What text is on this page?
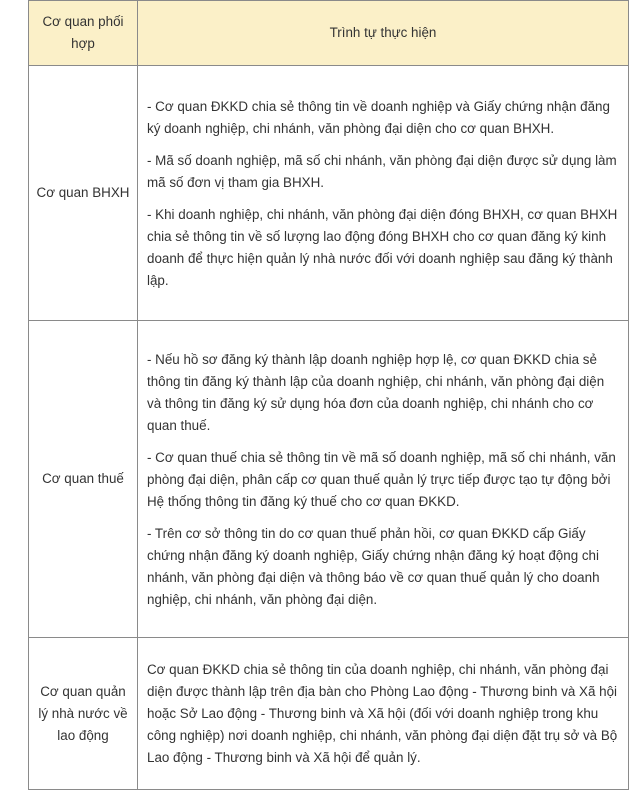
Cơ quan phối hợp	Trình tự thực hiện
Cơ quan BHXH	- Cơ quan ĐKKD chia sẻ thông tin về doanh nghiệp và Giấy chứng nhận đăng ký doanh nghiệp, chi nhánh, văn phòng đại diện cho cơ quan BHXH.

- Mã số doanh nghiệp, mã số chi nhánh, văn phòng đại diện được sử dụng làm mã số đơn vị tham gia BHXH.

- Khi doanh nghiệp, chi nhánh, văn phòng đại diện đóng BHXH, cơ quan BHXH chia sẻ thông tin về số lượng lao động đóng BHXH cho cơ quan đăng ký kinh doanh để thực hiện quản lý nhà nước đối với doanh nghiệp sau đăng ký thành lập.

Cơ quan thuế	- Nếu hồ sơ đăng ký thành lập doanh nghiệp hợp lệ, cơ quan ĐKKD chia sẻ thông tin đăng ký thành lập của doanh nghiệp, chi nhánh, văn phòng đại diện và thông tin đăng ký sử dụng hóa đơn của doanh nghiệp, chi nhánh cho cơ quan thuế.

- Cơ quan thuế chia sẻ thông tin về mã số doanh nghiệp, mã số chi nhánh, văn phòng đại diện, phân cấp cơ quan thuế quản lý trực tiếp được tạo tự động bởi Hệ thống thông tin đăng ký thuế cho cơ quan ĐKKD.

- Trên cơ sở thông tin do cơ quan thuế phản hồi, cơ quan ĐKKD cấp Giấy chứng nhận đăng ký doanh nghiệp, Giấy chứng nhận đăng ký hoạt động chi nhánh, văn phòng đại diện và thông báo về cơ quan thuế quản lý cho doanh nghiệp, chi nhánh, văn phòng đại diện.

Cơ quan quản lý nhà nước về lao động	Cơ quan ĐKKD chia sẻ thông tin của doanh nghiệp, chi nhánh, văn phòng đại diện được thành lập trên địa bàn cho Phòng Lao động - Thương binh và Xã hội hoặc Sở Lao động - Thương binh và Xã hội (đối với doanh nghiệp trong khu công nghiệp) nơi doanh nghiệp, chi nhánh, văn phòng đại diện đặt trụ sở và Bộ Lao động - Thương binh và Xã hội để quản lý.
